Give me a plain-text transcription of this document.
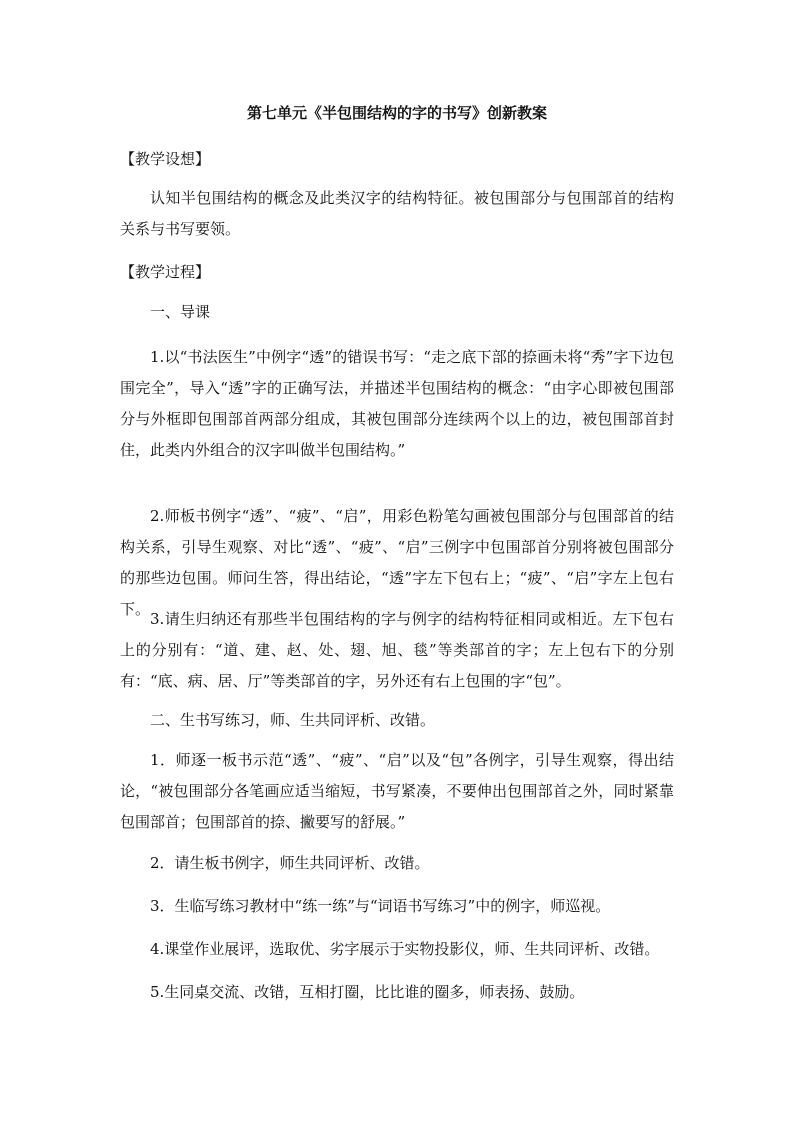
第七单元《半包围结构的字的书写》创新教案

【教学设想】

认知半包围结构的概念及此类汉字的结构特征。被包围部分与包围部首的结构关系与书写要领。

【教学过程】

一、导课

1.以“书法医生”中例字“透”的错误书写：“走之底下部的捺画未将“秀”字下边包围完全”，导入“透”字的正确写法，并描述半包围结构的概念：“由字心即被包围部分与外框即包围部首两部分组成，其被包围部分连续两个以上的边，被包围部首封住，此类内外组合的汉字叫做半包围结构。”

2.师板书例字“透”、“疲”、“启”，用彩色粉笔勾画被包围部分与包围部首的结构关系，引导生观察、对比“透”、“疲”、“启”三例字中包围部首分别将被包围部分的那些边包围。师问生答，得出结论，“透”字左下包右上；“疲”、“启”字左上包右下。

3.请生归纳还有那些半包围结构的字与例字的结构特征相同或相近。左下包右上的分别有：“道、建、赵、处、翅、旭、毯”等类部首的字；左上包右下的分别有：“底、病、居、厅”等类部首的字，另外还有右上包围的字“包”。

二、生书写练习，师、生共同评析、改错。

1．师逐一板书示范“透”、“疲”、“启”以及“包”各例字，引导生观察，得出结论，“被包围部分各笔画应适当缩短，书写紧凑，不要伸出包围部首之外，同时紧靠包围部首；包围部首的捺、撇要写的舒展。”

2．请生板书例字，师生共同评析、改错。

3．生临写练习教材中“练一练”与“词语书写练习”中的例字，师巡视。

4.课堂作业展评，选取优、劣字展示于实物投影仪，师、生共同评析、改错。

5.生同桌交流、改错，互相打圈，比比谁的圈多，师表扬、鼓励。
